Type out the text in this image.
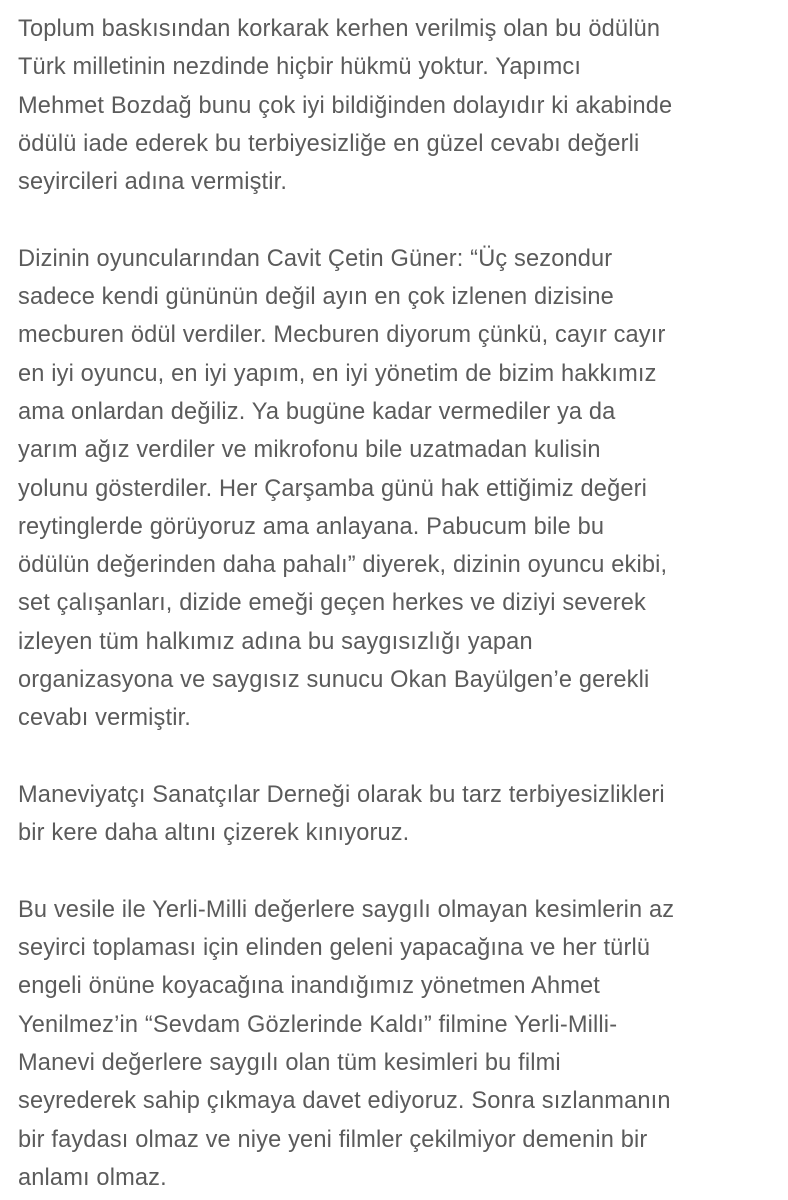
Toplum baskısından korkarak kerhen verilmiş olan bu ödülün
Türk milletinin nezdinde hiçbir hükmü yoktur. Yapımcı
Mehmet Bozdağ bunu çok iyi bildiğinden dolayıdır ki akabinde
ödülü iade ederek bu terbiyesizliğe en güzel cevabı değerli
seyircileri adına vermiştir.

Dizinin oyuncularından Cavit Çetin Güner: “Üç sezondur
sadece kendi gününün değil ayın en çok izlenen dizisine
mecburen ödül verdiler. Mecburen diyorum çünkü, cayır cayır
en iyi oyuncu, en iyi yapım, en iyi yönetim de bizim hakkımız
ama onlardan değiliz. Ya bugüne kadar vermediler ya da
yarım ağız verdiler ve mikrofonu bile uzatmadan kulisin
yolunu gösterdiler. Her Çarşamba günü hak ettiğimiz değeri
reytinglerde görüyoruz ama anlayana. Pabucum bile bu
ödülün değerinden daha pahalı” diyerek, dizinin oyuncu ekibi,
set çalışanları, dizide emeği geçen herkes ve diziyi severek
izleyen tüm halkımız adına bu saygısızlığı yapan
organizasyona ve saygısız sunucu Okan Bayülgen’e gerekli
cevabı vermiştir.

Maneviyatçı Sanatçılar Derneği olarak bu tarz terbiyesizlikleri
bir kere daha altını çizerek kınıyoruz.

Bu vesile ile Yerli-Milli değerlere saygılı olmayan kesimlerin az
seyirci toplaması için elinden geleni yapacağına ve her türlü
engeli önüne koyacağına inandığımız yönetmen Ahmet
Yenilmez’in “Sevdam Gözlerinde Kaldı” filmine Yerli-Milli-
Manevi değerlere saygılı olan tüm kesimleri bu filmi
seyrederek sahip çıkmaya davet ediyoruz. Sonra sızlanmanın
bir faydası olmaz ve niye yeni filmler çekilmiyor demenin bir
anlamı olmaz.
